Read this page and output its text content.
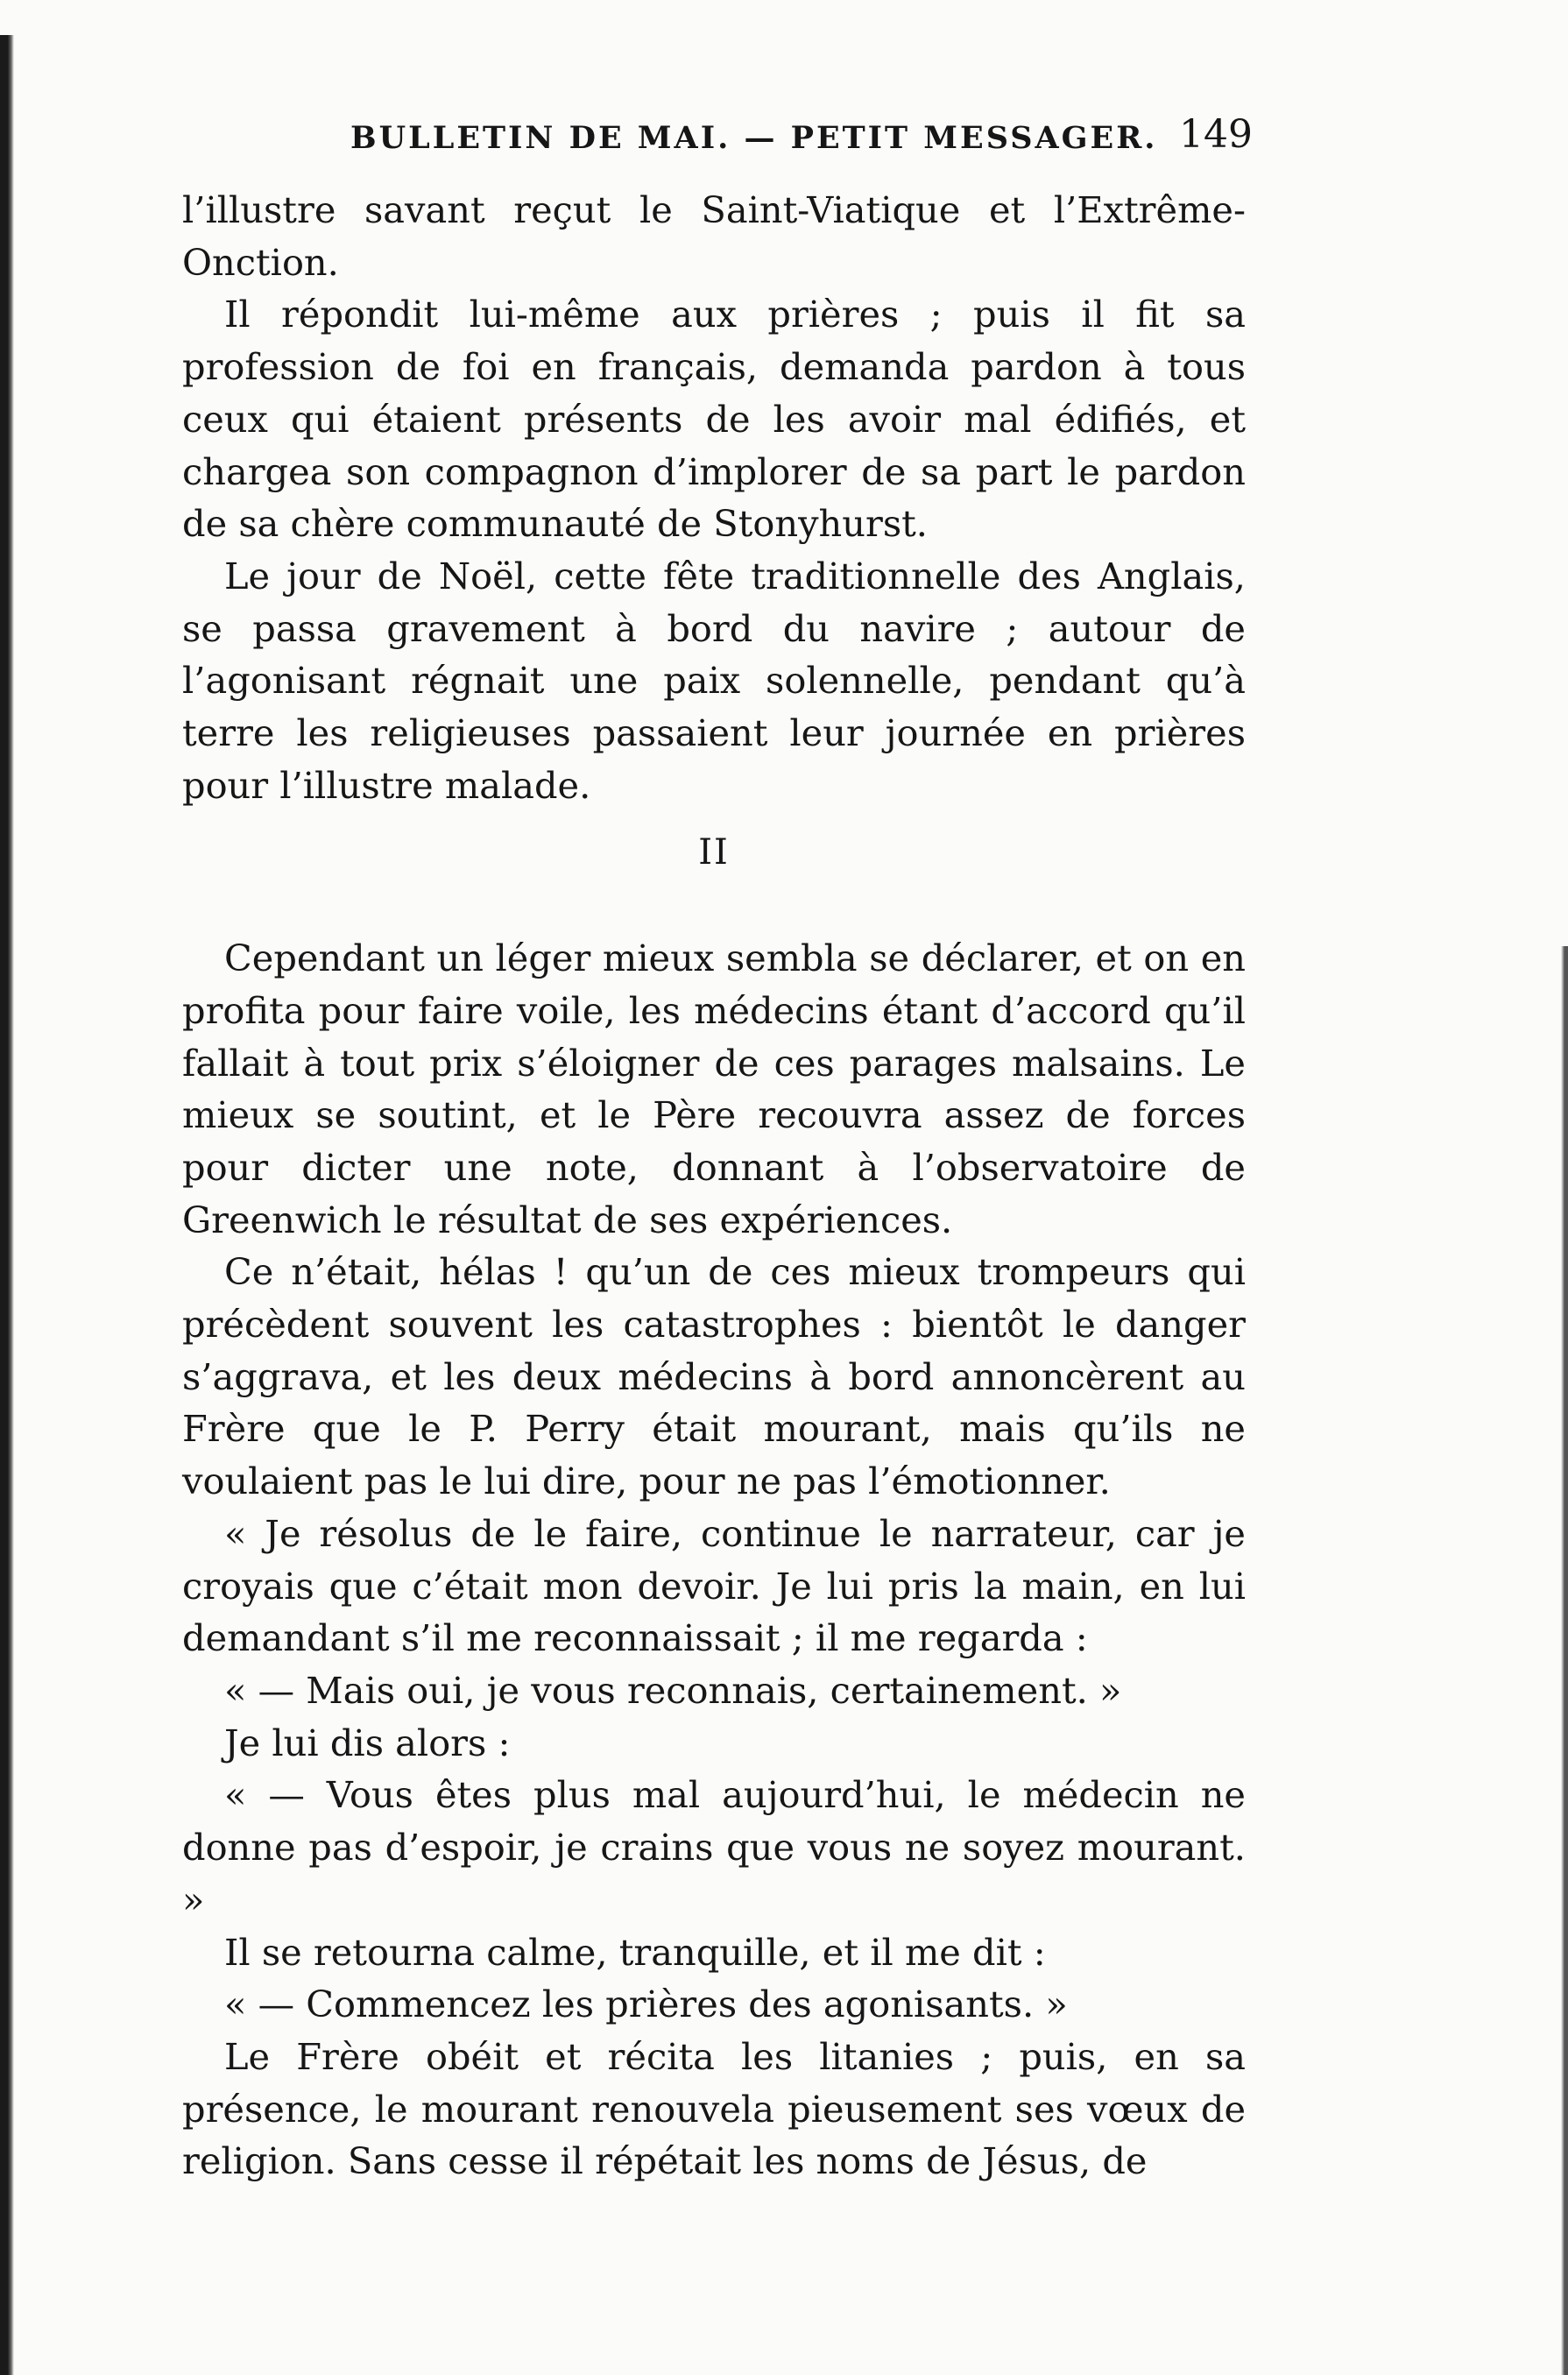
BULLETIN DE MAI. — PETIT MESSAGER. 149

l’illustre savant reçut le Saint-Viatique et l’Extrême-Onction.

Il répondit lui-même aux prières ; puis il fit sa profession de foi en français, demanda pardon à tous ceux qui étaient présents de les avoir mal édifiés, et chargea son compagnon d’implorer de sa part le pardon de sa chère communauté de Stonyhurst.

Le jour de Noël, cette fête traditionnelle des Anglais, se passa gravement à bord du navire ; autour de l’agonisant régnait une paix solennelle, pendant qu’à terre les religieuses passaient leur journée en prières pour l’illustre malade.

II

Cependant un léger mieux sembla se déclarer, et on en profita pour faire voile, les médecins étant d’accord qu’il fallait à tout prix s’éloigner de ces parages malsains. Le mieux se soutint, et le Père recouvra assez de forces pour dicter une note, donnant à l’observatoire de Greenwich le résultat de ses expériences.

Ce n’était, hélas ! qu’un de ces mieux trompeurs qui précèdent souvent les catastrophes : bientôt le danger s’aggrava, et les deux médecins à bord annoncèrent au Frère que le P. Perry était mourant, mais qu’ils ne voulaient pas le lui dire, pour ne pas l’émotionner.

« Je résolus de le faire, continue le narrateur, car je croyais que c’était mon devoir. Je lui pris la main, en lui demandant s’il me reconnaissait ; il me regarda :

« — Mais oui, je vous reconnais, certainement. »

Je lui dis alors :

« — Vous êtes plus mal aujourd’hui, le médecin ne donne pas d’espoir, je crains que vous ne soyez mourant. »

Il se retourna calme, tranquille, et il me dit :

« — Commencez les prières des agonisants. »

Le Frère obéit et récita les litanies ; puis, en sa présence, le mourant renouvela pieusement ses vœux de religion. Sans cesse il répétait les noms de Jésus, de
